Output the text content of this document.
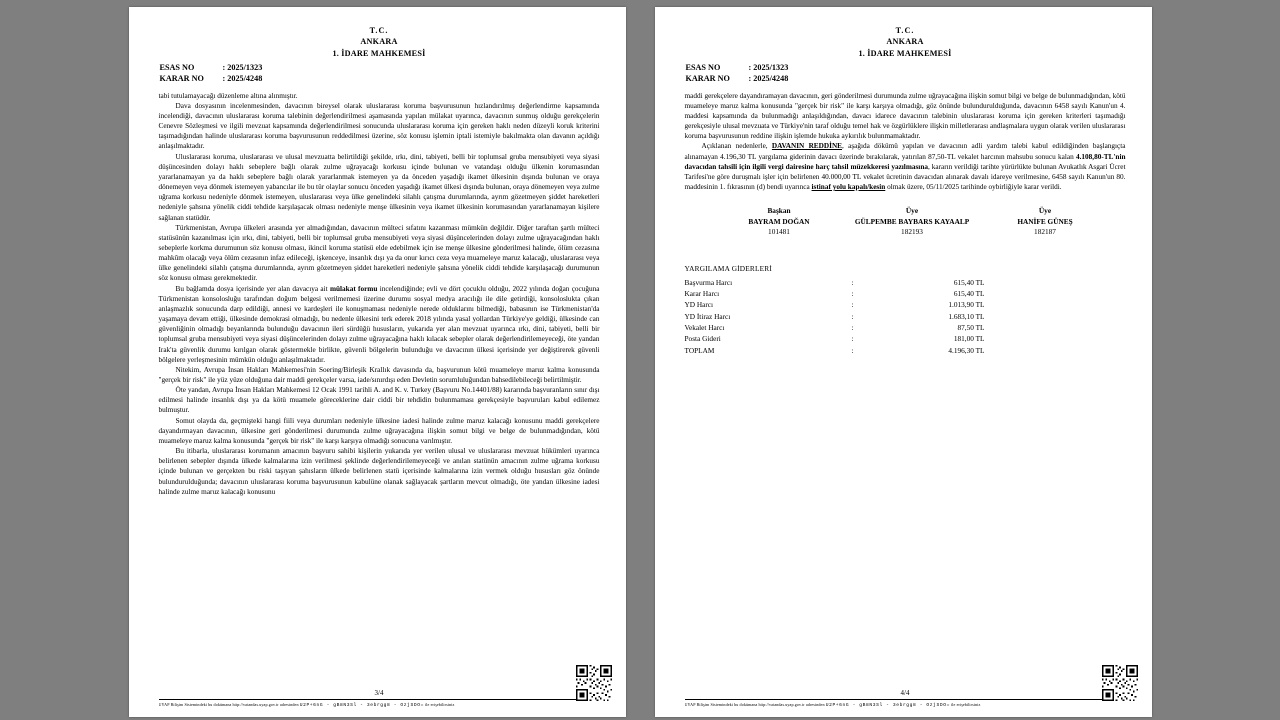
T.C.
ANKARA
1. İDARE MAHKEMESİ
ESAS NO	: 2025/1323
KARAR NO	: 2025/4248

tabi tutulamayacağı düzenleme altına alınmıştır.

Dava dosyasının incelenmesinden, davacının bireysel olarak uluslararası koruma başvurusunun hızlandırılmış değerlendirme kapsamında incelendiği, davacının uluslararası koruma talebinin değerlendirilmesi aşamasında yapılan mülakat uyarınca, davacının sunmuş olduğu gerekçelerin Cenevre Sözleşmesi ve ilgili mevzuat kapsamında değerlendirilmesi sonucunda uluslararası koruma için gereken haklı neden düzeyli koruk kriterini taşımadığından halinde uluslararası koruma başvurusunun reddedilmesi üzerine, söz konusu işlemin iptali istemiyle bakılmakta olan davanın açıldığı anlaşılmaktadır.

Uluslararası koruma, uluslararası ve ulusal mevzuatta belirtildiği şekilde, ırkı, dini, tabiyeti, belli bir toplumsal gruba mensubiyeti veya siyasi düşüncesinden dolayı haklı sebeplere bağlı olarak zulme uğrayacağı korkusu içinde bulunan ve vatandaşı olduğu ülkenin korumasından yararlanamayan ya da haklı sebeplere bağlı olarak yararlanmak istemeyen ya da önceden yaşadığı ikamet ülkesinin dışında bulunan ve oraya dönemeyen veya dönmek istemeyen yabancılar ile bu tür olaylar sonucu önceden yaşadığı ikamet ülkesi dışında bulunan, oraya dönemeyen veya zulme uğrama korkusu nedeniyle dönmek istemeyen, uluslararası veya ülke genelindeki silahlı çatışma durumlarında, ayrım gözetmeyen şiddet hareketleri nedeniyle şahsına yönelik ciddi tehdide karşılaşacak olması nedeniyle menşe ülkesinin veya ikamet ülkesinin korumasından yararlanamayan kişilere sağlanan statüdür.

Türkmenistan, Avrupa ülkeleri arasında yer almadığından, davacının mülteci sıfatını kazanması mümkün değildir. Diğer taraftan şartlı mülteci statüsünün kazanılması için ırkı, dini, tabiyeti, belli bir toplumsal gruba mensubiyeti veya siyasi düşüncelerinden dolayı zulme uğrayacağından haklı sebeplerle korkma durumunun söz konusu olması, ikincil koruma statüsü elde edebilmek için ise menşe ülkesine gönderilmesi halinde, ölüm cezasına mahkûm olacağı veya ölüm cezasının infaz edileceği, işkenceye, insanlık dışı ya da onur kırıcı ceza veya muameleye maruz kalacağı, uluslararası veya ülke genelindeki silahlı çatışma durumlarında, ayrım gözetmeyen şiddet hareketleri nedeniyle şahsına yönelik ciddi tehdide karşılaşacağı durumunun söz konusu olması gerekmektedir.

Bu bağlamda dosya içerisinde yer alan davacıya ait mülakat formu incelendiğinde; evli ve dört çocuklu olduğu, 2022 yılında doğan çocuğuna Türkmenistan konsolosluğu tarafından doğum belgesi verilmemesi üzerine durumu sosyal medya aracılığı ile dile getirdiği, konsoloslukta çıkan anlaşmazlık sonucunda darp edildiği, annesi ve kardeşleri ile konuşmaması nedeniyle nerede olduklarını bilmediği, babasının ise Türkmenistan'da yaşamaya devam ettiği, ülkesinde demokrasi olmadığı, bu nedenle ülkesini terk ederek 2018 yılında yasal yollardan Türkiye'ye geldiği, ülkesinde can güvenliğinin olmadığı beyanlarında bulunduğu davacının ileri sürdüğü hususların, yukarıda yer alan mevzuat uyarınca ırkı, dini, tabiyeti, belli bir toplumsal gruba mensubiyeti veya siyasi düşüncelerinden dolayı zulme uğrayacağına haklı kılacak sebepler olarak değerlendirilemeyeceği, öte yandan Irak'ta güvenlik durumu kırılgan olarak göstermekle birlikte, güvenli bölgelerin bulunduğu ve davacının ülkesi içerisinde yer değiştirerek güvenli bölgelere yerleşmesinin mümkün olduğu anlaşılmaktadır.

Nitekim, Avrupa İnsan Hakları Mahkemesi'nin Soering/Birleşik Krallık davasında da, başvurunun kötü muameleye maruz kalma konusunda "gerçek bir risk" ile yüz yüze olduğuna dair maddi gerekçeler varsa, iade/sınırdışı eden Devletin sorumluluğundan bahsedilebileceği belirtilmiştir.

Öte yandan, Avrupa İnsan Hakları Mahkemesi 12 Ocak 1991 tarihli A. and K. v. Turkey (Başvuru No.14401/88) kararında başvuranların sınır dışı edilmesi halinde insanlık dışı ya da kötü muamele göreceklerine dair ciddi bir tehdidin bulunmaması gerekçesiyle başvuruları kabul edilemez bulmuştur.

Somut olayda da, geçmişteki hangi fiili veya durumları nedeniyle ülkesine iadesi halinde zulme maruz kalacağı konusunu maddi gerekçelere dayandırmayan davacının, ülkesine geri gönderilmesi durumunda zulme uğrayacağına ilişkin somut bilgi ve belge de bulunmadığından, kötü muameleye maruz kalma konusunda "gerçek bir risk" ile karşı karşıya olmadığı sonucuna varılmıştır.

Bu itibarla, uluslararası korumanın amacının başvuru sahibi kişilerin yukarıda yer verilen ulusal ve uluslararası mevzuat hükümleri uyarınca belirlenen sebepler dışında ülkede kalmalarına izin verilmesi şeklinde değerlendirilemeyeceği ve anılan statünün amacının zulme uğrama korkusu içinde bulunan ve gerçekten bu riski taşıyan şahısların ülkede belirlenen statü içerisinde kalmalarına izin vermek olduğu hususları göz önünde bulundurulduğunda; davacının uluslararası koruma başvurusunun kabulüne olanak sağlayacak şartların mevcut olmadığı, öte yandan ülkesine iadesi halinde zulme maruz kalacağı konusunu

3/4
UYAP Bilişim Sistemindeki bu dokümana http://vatandas.uyap.gov.tr adresinden U2P+6nG - gB8N3Sl - 3ebrgg8 - OzjSDO= ile erişebilirsiniz
T.C.
ANKARA
1. İDARE MAHKEMESİ
ESAS NO	: 2025/1323
KARAR NO	: 2025/4248

maddi gerekçelere dayandıramayan davacının, geri gönderilmesi durumunda zulme uğrayacağına ilişkin somut bilgi ve belge de bulunmadığından, kötü muameleye maruz kalma konusunda "gerçek bir risk" ile karşı karşıya olmadığı, göz önünde bulundurulduğunda, davacının 6458 sayılı Kanun'un 4. maddesi kapsamında da bulunmadığı anlaşıldığından, davacı idarece davacının talebinin uluslararası koruma için gereken kriterleri taşımadığı gerekçesiyle ulusal mevzuata ve Türkiye'nin taraf olduğu temel hak ve özgürlüklere ilişkin milletlerarası andlaşmalara uygun olarak verilen uluslararası koruma başvurusunun reddine ilişkin işlemde hukuka aykırılık bulunmamaktadır.

Açıklanan nedenlerle, DAVANIN REDDİNE, aşağıda dökümü yapılan ve davacının adli yardım talebi kabul edildiğinden başlangıçta alınamayan 4.196,30 TL yargılama giderinin davacı üzerinde bırakılarak, yatırılan 87,50-TL vekalet harcının mahsubu sonucu kalan 4.108,80-TL'nin davacıdan tahsili için ilgili vergi dairesine harç tahsil müzekkeresi yazılmasına, kararın verildiği tarihte yürürlükte bulunan Avukatlık Asgari Ücret Tarifesi'ne göre duruşmalı işler için belirlenen 40.000,00 TL vekalet ücretinin davacıdan alınarak davalı idareye verilmesine, 6458 sayılı Kanun'un 80. maddesinin 1. fıkrasının (d) bendi uyarınca istinaf yolu kapalı/kesin olmak üzere, 05/11/2025 tarihinde oybirliğiyle karar verildi.

Başkan
BAYRAM DOĞAN
101481
Üye
GÜLPEMBE BAYBARS KAYAALP
182193
Üye
HANİFE GÜNEŞ
182187
YARGILAMA GİDERLERİ
Başvurma Harcı	:	615,40 TL
Karar Harcı	:	615,40 TL
YD Harcı	:	1.013,90 TL
YD İtiraz Harcı	:	1.683,10 TL
Vekalet Harcı	:	87,50 TL
Posta Gideri	:	181,00 TL
TOPLAM	:	4.196,30 TL
4/4
UYAP Bilişim Sistemindeki bu dokümana http://vatandas.uyap.gov.tr adresinden U2P+6nG - gB8N3Sl - 3ebrgg8 - OzjSDO= ile erişebilirsiniz
